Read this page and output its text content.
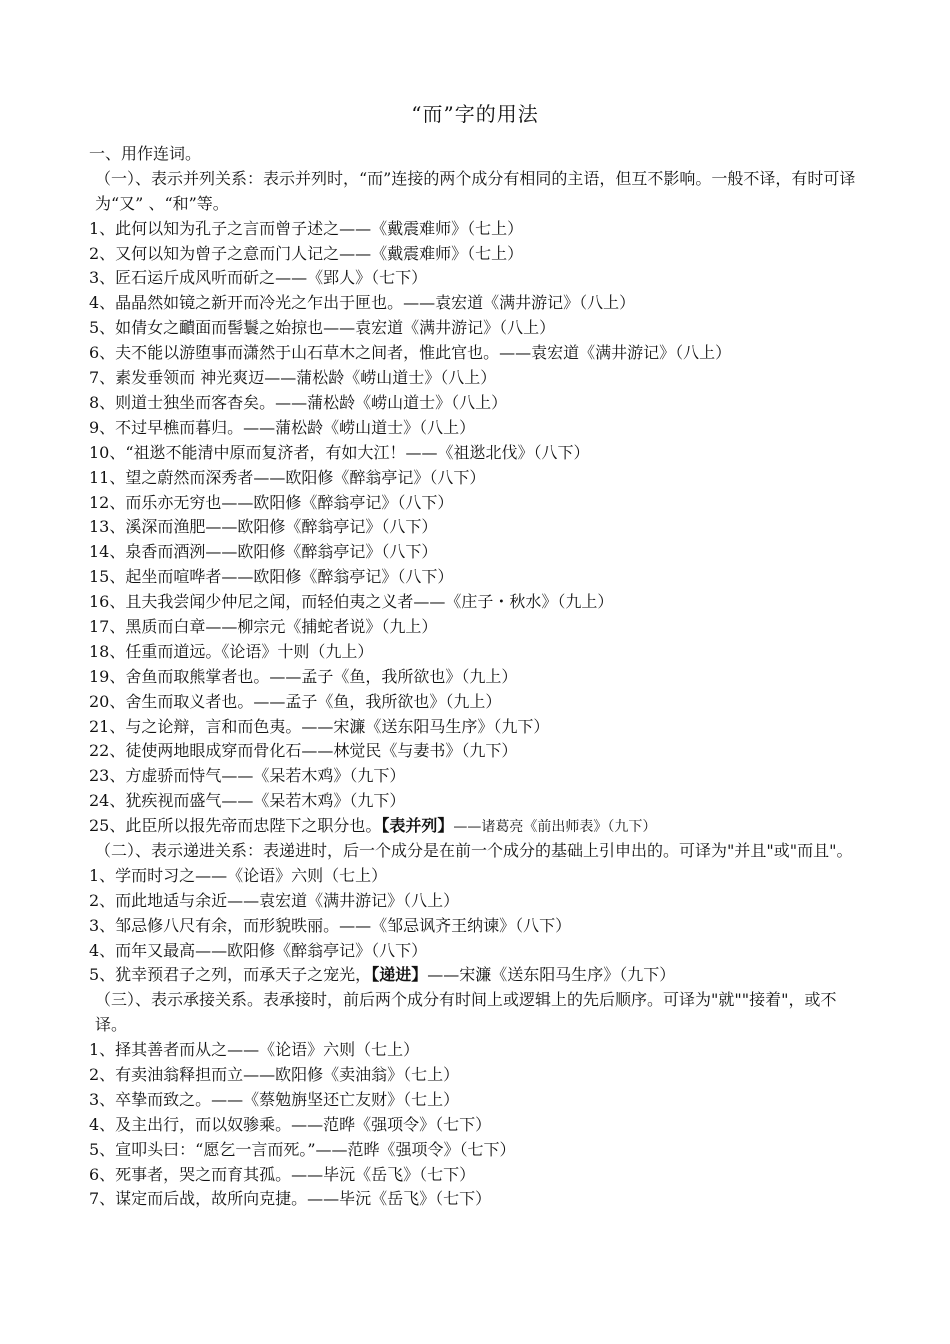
“而”字的用法
一、用作连词。
（一）、表示并列关系：表示并列时，“而”连接的两个成分有相同的主语，但互不影响。一般不译，有时可译为“又” 、“和”等。
1、此何以知为孔子之言而曾子述之——《戴震难师》（七上）
2、又何以知为曾子之意而门人记之——《戴震难师》（七上）
3、匠石运斤成风听而斫之——《郢人》（七下）
4、晶晶然如镜之新开而冷光之乍出于匣也。——袁宏道《满井游记》（八上）
5、如倩女之靧面而髻鬟之始掠也——袁宏道《满井游记》（八上）
6、夫不能以游堕事而潇然于山石草木之间者，惟此官也。——袁宏道《满井游记》（八上）
7、素发垂领而 神光爽迈——蒲松龄《崂山道士》（八上）
8、则道士独坐而客杳矣。——蒲松龄《崂山道士》（八上）
9、不过早樵而暮归。——蒲松龄《崂山道士》（八上）
10、“祖逖不能清中原而复济者，有如大江！——《祖逖北伐》（八下）
11、望之蔚然而深秀者——欧阳修《醉翁亭记》（八下）
12、而乐亦无穷也——欧阳修《醉翁亭记》（八下）
13、溪深而渔肥——欧阳修《醉翁亭记》（八下）
14、泉香而酒洌——欧阳修《醉翁亭记》（八下）
15、起坐而喧哗者——欧阳修《醉翁亭记》（八下）
16、且夫我尝闻少仲尼之闻，而轻伯夷之义者——《庄子・秋水》（九上）
17、黑质而白章——柳宗元《捕蛇者说》（九上）
18、任重而道远。《论语》十则（九上）
19、舍鱼而取熊掌者也。——孟子《鱼，我所欲也》（九上）
20、舍生而取义者也。——孟子《鱼，我所欲也》（九上）
21、与之论辩，言和而色夷。——宋濂《送东阳马生序》（九下）
22、徒使两地眼成穿而骨化石——林觉民《与妻书》（九下）
23、方虚骄而恃气——《呆若木鸡》（九下）
24、犹疾视而盛气——《呆若木鸡》（九下）
25、此臣所以报先帝而忠陛下之职分也。【表并列】——诸葛亮《前出师表》（九下）
（二）、表示递进关系：表递进时，后一个成分是在前一个成分的基础上引申出的。可译为"并且"或"而且"。
1、学而时习之——《论语》六则（七上）
2、而此地适与余近——袁宏道《满井游记》（八上）
3、邹忌修八尺有余，而形貌昳丽。——《邹忌讽齐王纳谏》（八下）
4、而年又最高——欧阳修《醉翁亭记》（八下）
5、犹幸预君子之列，而承天子之宠光，【递进】——宋濂《送东阳马生序》（九下）
（三）、表示承接关系。表承接时，前后两个成分有时间上或逻辑上的先后顺序。可译为"就""接着"，或不译。
1、择其善者而从之——《论语》六则（七上）
2、有卖油翁释担而立——欧阳修《卖油翁》（七上）
3、卒挚而致之。——《蔡勉旃坚还亡友财》（七上）
4、及主出行，而以奴骖乘。——范晔《强项令》（七下）
5、宣叩头曰：“愿乞一言而死。”——范晔《强项令》（七下）
6、死事者，哭之而育其孤。——毕沅《岳飞》（七下）
7、谋定而后战，故所向克捷。——毕沅《岳飞》（七下）
